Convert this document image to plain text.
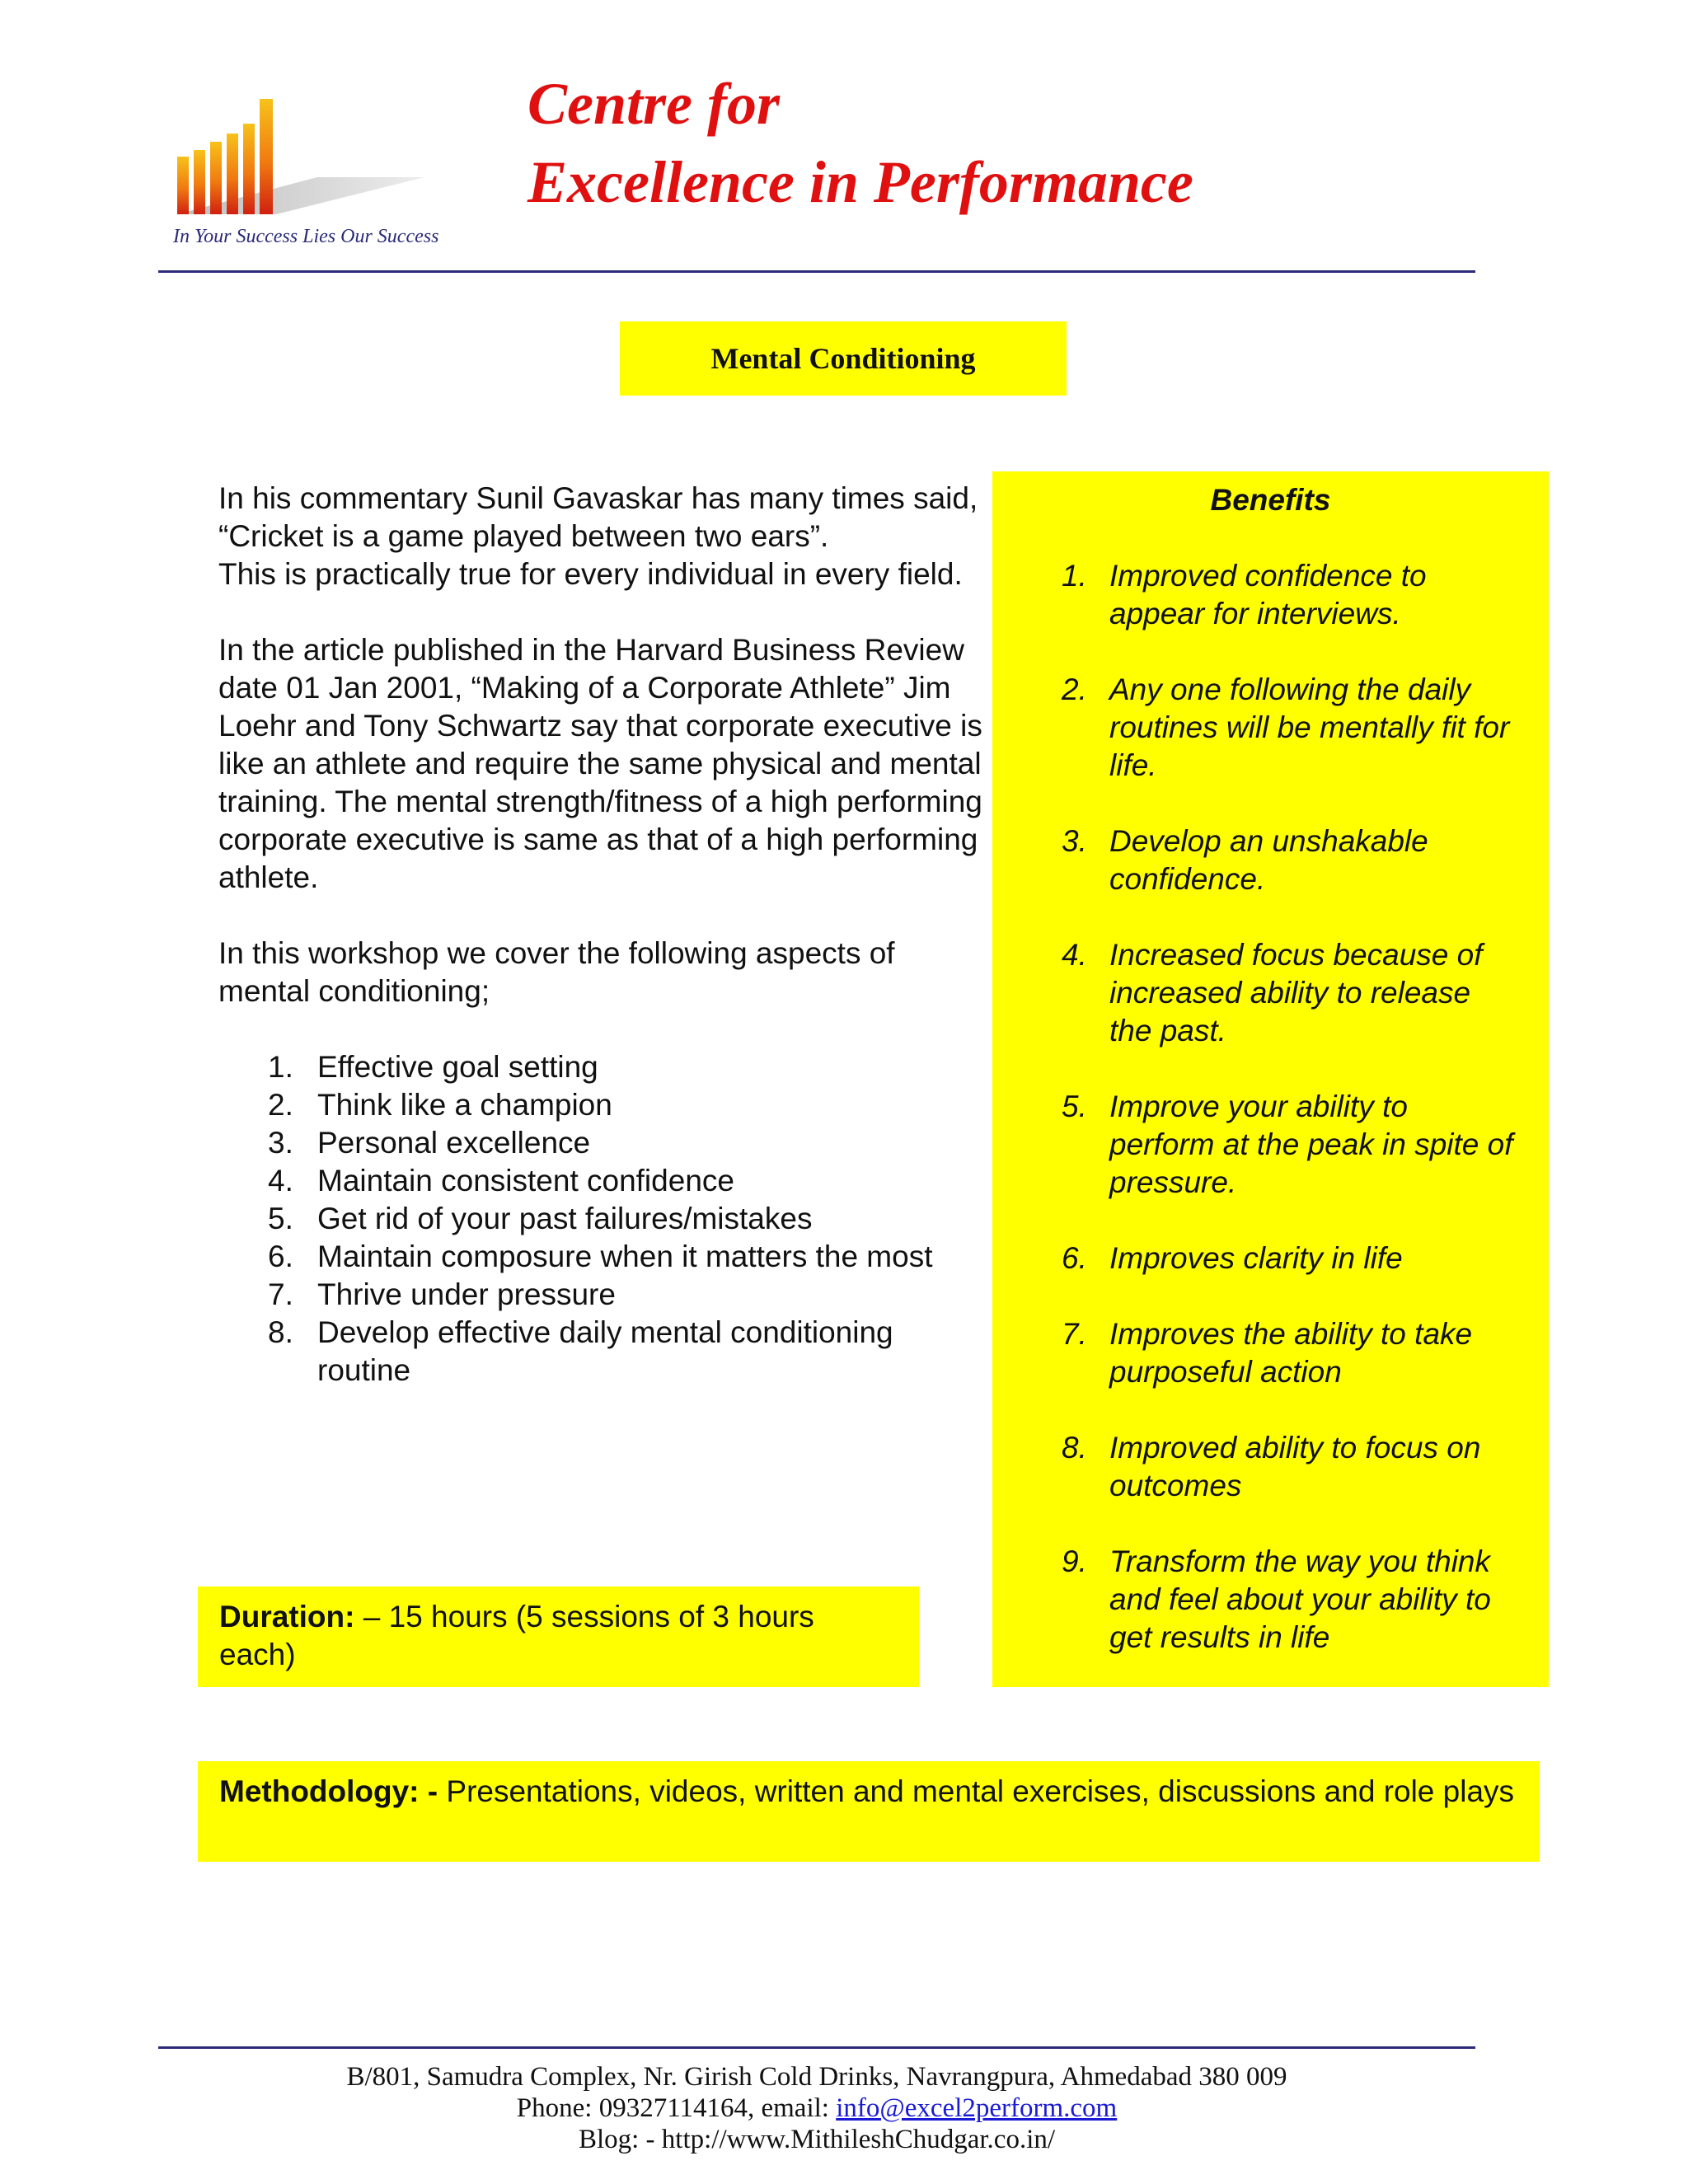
In Your Success Lies Our Success
Centre for
Excellence in Performance
Mental Conditioning

In his commentary Sunil Gavaskar has many times said, “Cricket is a game played between two ears”.

This is practically true for every individual in every field.

In the article published in the Harvard Business Review date 01 Jan 2001, “Making of a Corporate Athlete” Jim Loehr and Tony Schwartz say that corporate executive is like an athlete and require the same physical and mental training. The mental strength/fitness of a high performing corporate executive is same as that of a high performing athlete.

In this workshop we cover the following aspects of mental conditioning;

1. Effective goal setting
2. Think like a champion
3. Personal excellence
4. Maintain consistent confidence
5. Get rid of your past failures/mistakes
6. Maintain composure when it matters the most
7. Thrive under pressure
8. Develop effective daily mental conditioning routine
Duration: – 15 hours (5 sessions of 3 hours each)
Benefits
1. Improved confidence to appear for interviews.
2. Any one following the daily routines will be mentally fit for life.
3. Develop an unshakable confidence.
4. Increased focus because of increased ability to release the past.
5. Improve your ability to perform at the peak in spite of pressure.
6. Improves clarity in life
7. Improves the ability to take purposeful action
8. Improved ability to focus on outcomes
9. Transform the way you think and feel about your ability to get results in life
Methodology: - Presentations, videos, written and mental exercises, discussions and role plays
B/801, Samudra Complex, Nr. Girish Cold Drinks, Navrangpura, Ahmedabad 380 009
Phone: 09327114164, email: info@excel2perform.com
Blog: - http://www.MithileshChudgar.co.in/
